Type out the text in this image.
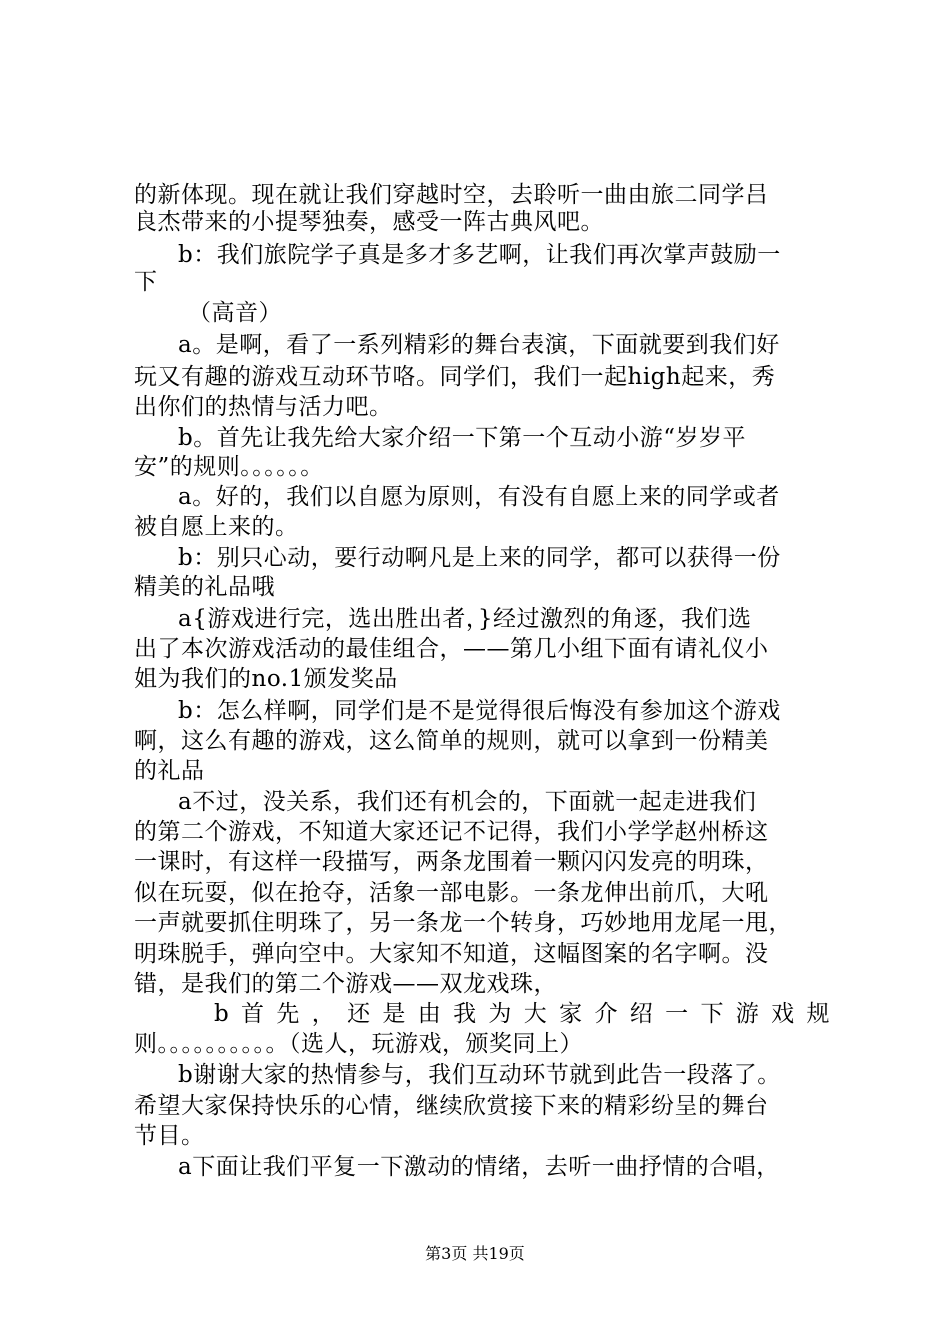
的新体现。现在就让我们穿越时空，去聆听一曲由旅二同学吕
良杰带来的小提琴独奏，感受一阵古典风吧。
b：我们旅院学子真是多才多艺啊，让我们再次掌声鼓励一
下
（高音）
a。是啊，看了一系列精彩的舞台表演，下面就要到我们好
玩又有趣的游戏互动环节咯。同学们，我们一起high起来，秀
出你们的热情与活力吧。
b。首先让我先给大家介绍一下第一个互动小游“岁岁平
安”的规则。。。。。。
a。好的，我们以自愿为原则，有没有自愿上来的同学或者
被自愿上来的。
b：别只心动，要行动啊凡是上来的同学，都可以获得一份
精美的礼品哦
a{游戏进行完，选出胜出者，}经过激烈的角逐，我们选
出了本次游戏活动的最佳组合，——第几小组下面有请礼仪小
姐为我们的no.1颁发奖品
b：怎么样啊，同学们是不是觉得很后悔没有参加这个游戏
啊，这么有趣的游戏，这么简单的规则，就可以拿到一份精美
的礼品
a不过，没关系，我们还有机会的，下面就一起走进我们
的第二个游戏，不知道大家还记不记得，我们小学学赵州桥这
一课时，有这样一段描写，两条龙围着一颗闪闪发亮的明珠，
似在玩耍，似在抢夺，活象一部电影。一条龙伸出前爪，大吼
一声就要抓住明珠了，另一条龙一个转身，巧妙地用龙尾一甩，
明珠脱手，弹向空中。大家知不知道，这幅图案的名字啊。没
错，是我们的第二个游戏——双龙戏珠，
b首先，还是由我为大家介绍一下游戏规
则。。。。。。。。。。（选人，玩游戏，颁奖同上）
b谢谢大家的热情参与，我们互动环节就到此告一段落了。
希望大家保持快乐的心情，继续欣赏接下来的精彩纷呈的舞台
节目。
a下面让我们平复一下激动的情绪，去听一曲抒情的合唱，
第3页 共19页
